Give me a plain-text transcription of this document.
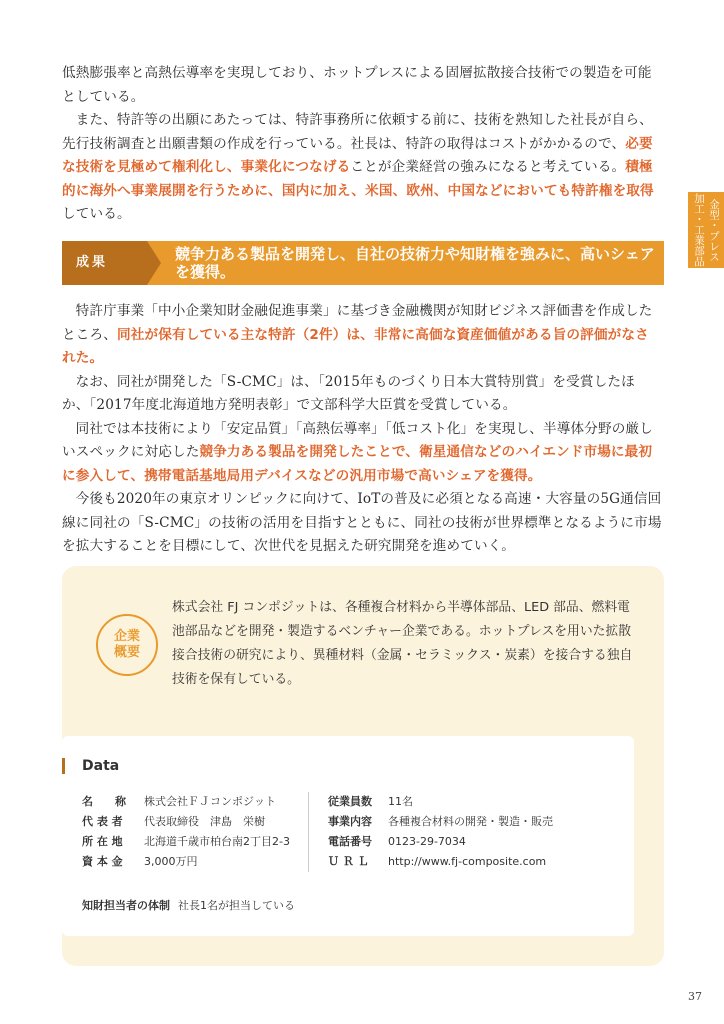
金型・プレス
加工・工業部品

低熱膨張率と高熱伝導率を実現しており、ホットプレスによる固層拡散接合技術での製造を可能としている。

また、特許等の出願にあたっては、特許事務所に依頼する前に、技術を熟知した社長が自ら、先行技術調査と出願書類の作成を行っている。社長は、特許の取得はコストがかかるので、必要な技術を見極めて権利化し、事業化につなげることが企業経営の強みになると考えている。積極的に海外へ事業展開を行うために、国内に加え、米国、欧州、中国などにおいても特許権を取得している。

成果	競争力ある製品を開発し、自社の技術力や知財権を強みに、高いシェアを獲得。

特許庁事業「中小企業知財金融促進事業」に基づき金融機関が知財ビジネス評価書を作成したところ、同社が保有している主な特許（2件）は、非常に高価な資産価値がある旨の評価がなされた。

なお、同社が開発した「S-CMC」は、「2015年ものづくり日本大賞特別賞」を受賞したほか、「2017年度北海道地方発明表彰」で文部科学大臣賞を受賞している。

同社では本技術により「安定品質」「高熱伝導率」「低コスト化」を実現し、半導体分野の厳しいスペックに対応した競争力ある製品を開発したことで、衛星通信などのハイエンド市場に最初に参入して、携帯電話基地局用デバイスなどの汎用市場で高いシェアを獲得。

今後も2020年の東京オリンピックに向けて、IoTの普及に必須となる高速・大容量の5G通信回線に同社の「S-CMC」の技術の活用を目指すとともに、同社の技術が世界標準となるように市場を拡大することを目標にして、次世代を見据えた研究開発を進めていく。

企業概要
株式会社 FJ コンポジットは、各種複合材料から半導体部品、LED 部品、燃料電池部品などを開発・製造するベンチャー企業である。ホットプレスを用いた拡散接合技術の研究により、異種材料（金属・セラミックス・炭素）を接合する独自技術を保有している。
Data
名　　称 株式会社ＦＪコンポジット
代 表 者 代表取締役　津島　栄樹
所 在 地 北海道千歳市柏台南2丁目2-3
資 本 金 3,000万円
従業員数 11名
事業内容 各種複合材料の開発・製造・販売
電話番号 0123-29-7034
Ｕ Ｒ Ｌ http://www.fj-composite.com
知財担当者の体制 社長1名が担当している
37
